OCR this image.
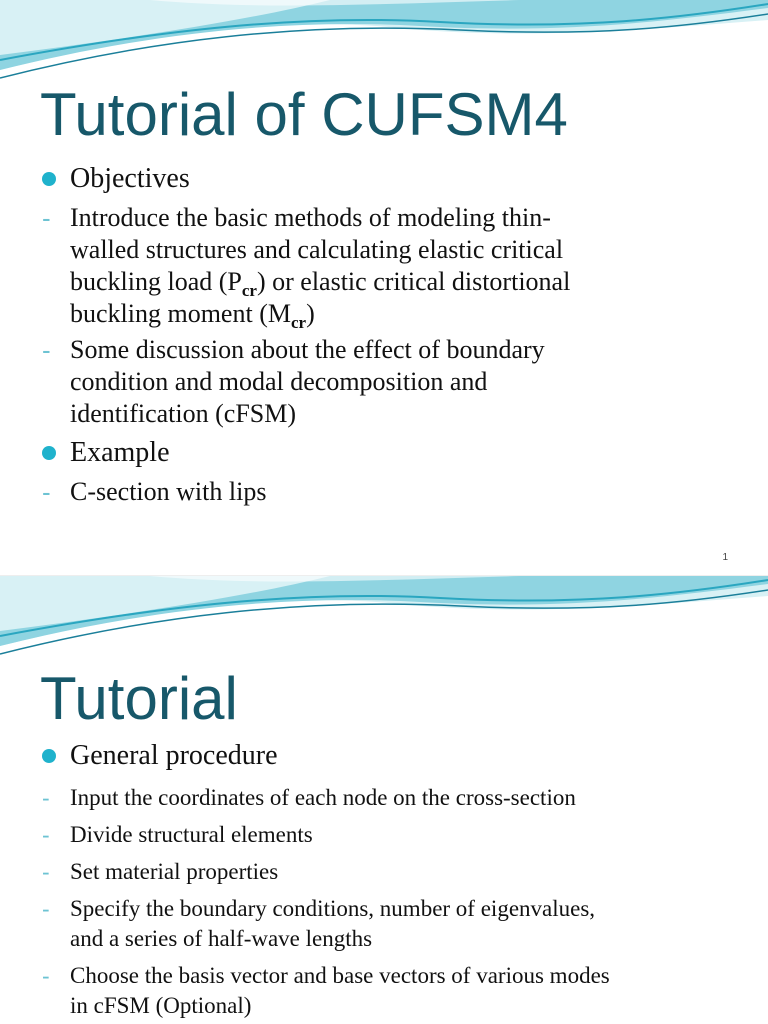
Tutorial of CUFSM4
Objectives
- Introduce the basic methods of modeling thin-
walled structures and calculating elastic critical
buckling load $(P_{cr})$ or elastic critical distortional
buckling moment $(M_{cr})$
- Some discussion about the effect of boundary
condition and modal decomposition and
identification (cFSM)
Example
- C-section with lips
1
Tutorial
General procedure
- Input the coordinates of each node on the cross-section
- Divide structural elements
- Set material properties
- Specify the boundary conditions, number of eigenvalues,
and a series of half-wave lengths
- Choose the basis vector and base vectors of various modes
in cFSM (Optional)
